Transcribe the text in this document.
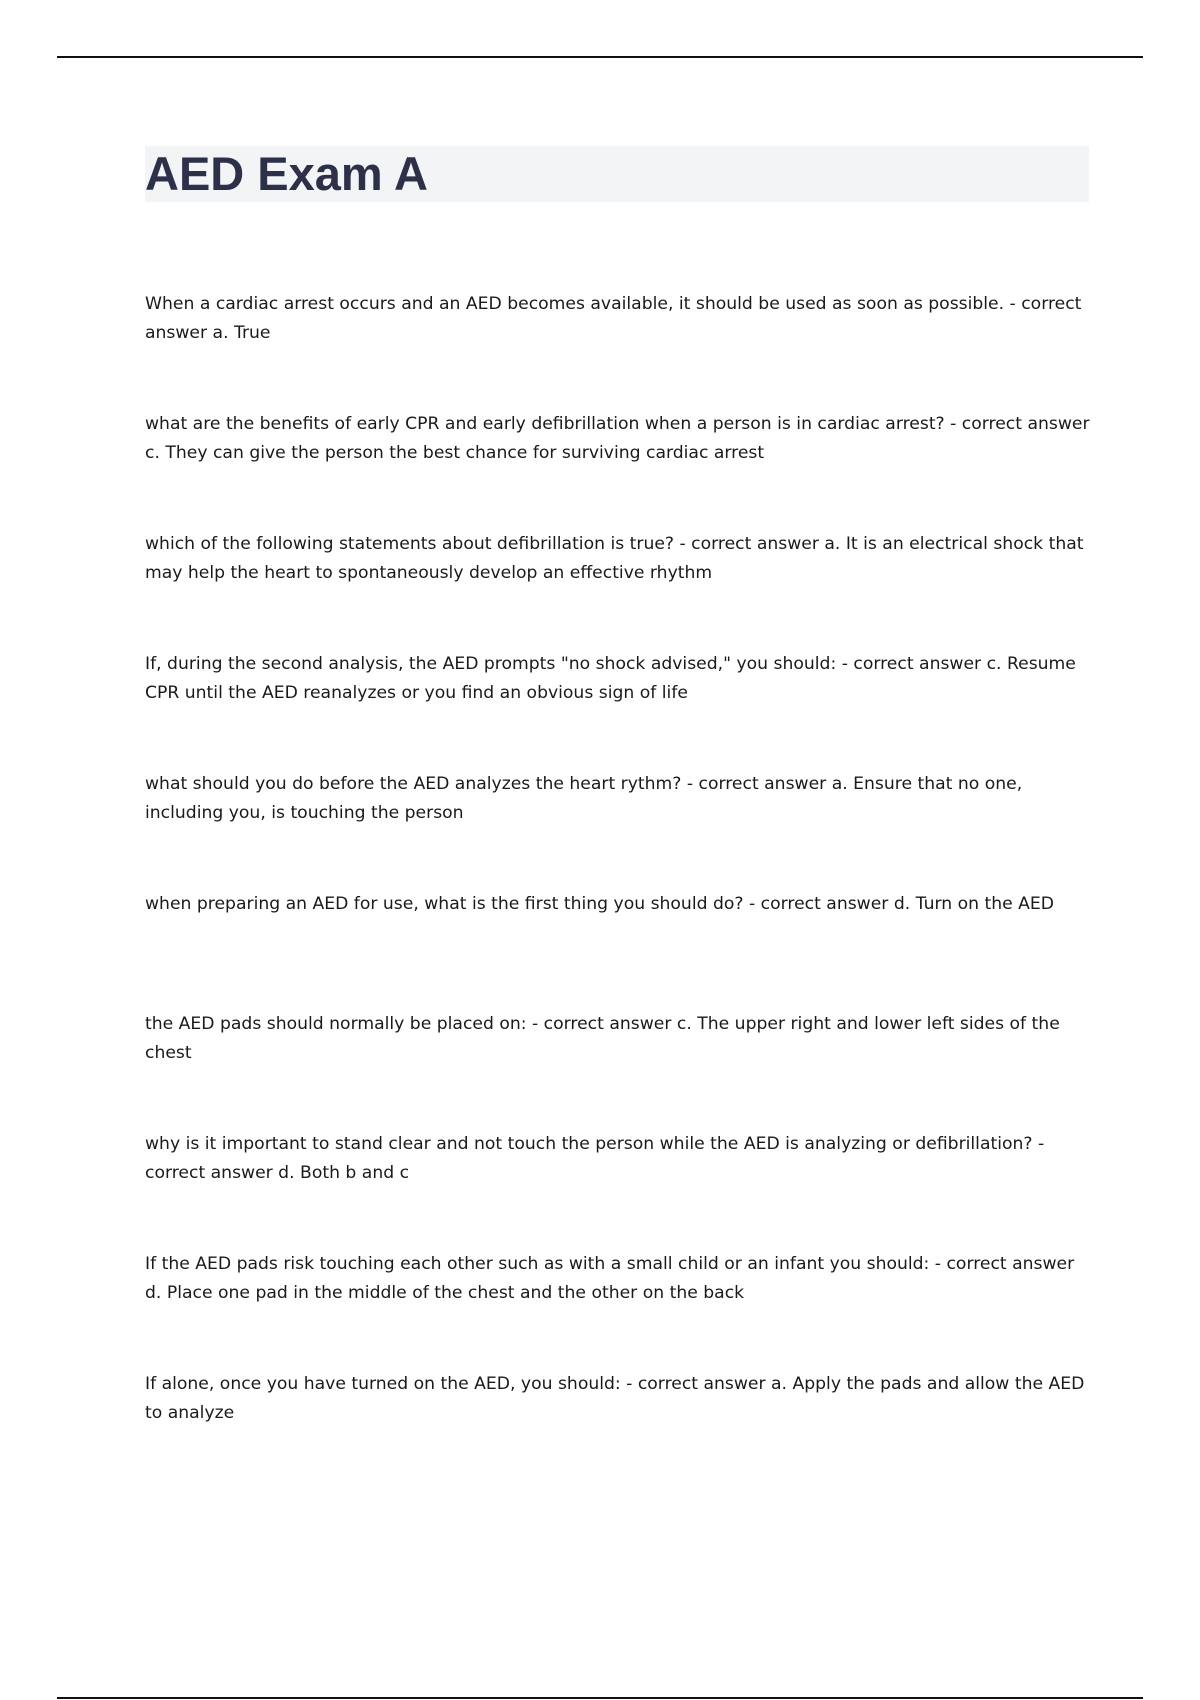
AED Exam A

When a cardiac arrest occurs and an AED becomes available, it should be used as soon as possible. - correct answer a. True

what are the benefits of early CPR and early defibrillation when a person is in cardiac arrest? - correct answer c. They can give the person the best chance for surviving cardiac arrest

which of the following statements about defibrillation is true? - correct answer a. It is an electrical shock that may help the heart to spontaneously develop an effective rhythm

If, during the second analysis, the AED prompts "no shock advised," you should: - correct answer c. Resume CPR until the AED reanalyzes or you find an obvious sign of life

what should you do before the AED analyzes the heart rythm? - correct answer a. Ensure that no one, including you, is touching the person

when preparing an AED for use, what is the first thing you should do? - correct answer d. Turn on the AED

the AED pads should normally be placed on: - correct answer c. The upper right and lower left sides of the chest

why is it important to stand clear and not touch the person while the AED is analyzing or defibrillation? - correct answer d. Both b and c

If the AED pads risk touching each other such as with a small child or an infant you should: - correct answer d. Place one pad in the middle of the chest and the other on the back

If alone, once you have turned on the AED, you should: - correct answer a. Apply the pads and allow the AED to analyze
